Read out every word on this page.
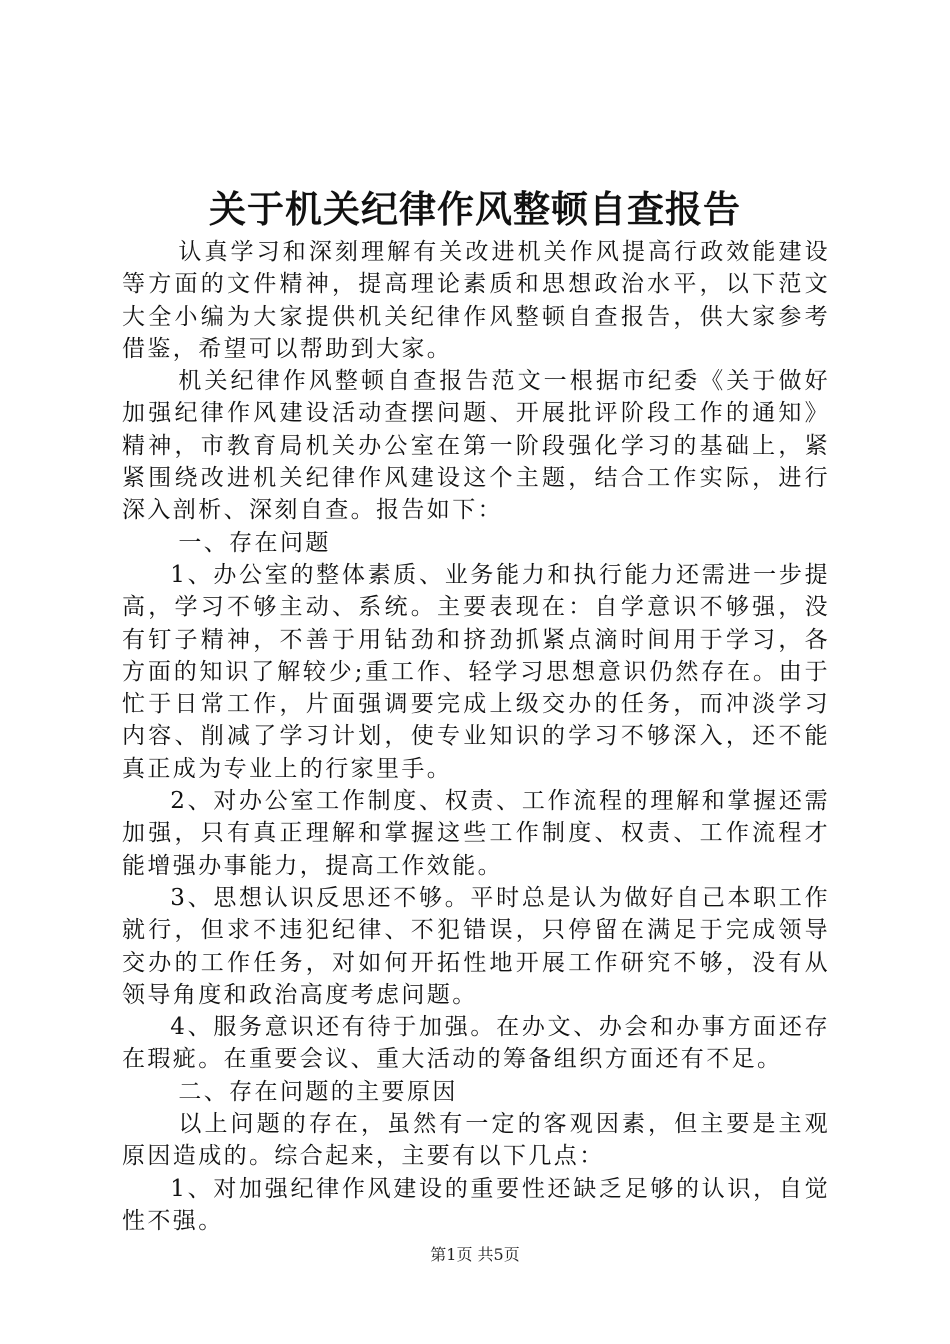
关于机关纪律作风整顿自查报告

认真学习和深刻理解有关改进机关作风提高行政效能建设等方面的文件精神，提高理论素质和思想政治水平，以下范文大全小编为大家提供机关纪律作风整顿自查报告，供大家参考借鉴，希望可以帮助到大家。

机关纪律作风整顿自查报告范文一根据市纪委《关于做好加强纪律作风建设活动查摆问题、开展批评阶段工作的通知》精神，市教育局机关办公室在第一阶段强化学习的基础上，紧紧围绕改进机关纪律作风建设这个主题，结合工作实际，进行深入剖析、深刻自查。报告如下：

一、存在问题

1、办公室的整体素质、业务能力和执行能力还需进一步提高，学习不够主动、系统。主要表现在：自学意识不够强，没有钉子精神，不善于用钻劲和挤劲抓紧点滴时间用于学习，各方面的知识了解较少;重工作、轻学习思想意识仍然存在。由于忙于日常工作，片面强调要完成上级交办的任务，而冲淡学习内容、削减了学习计划，使专业知识的学习不够深入，还不能真正成为专业上的行家里手。

2、对办公室工作制度、权责、工作流程的理解和掌握还需加强，只有真正理解和掌握这些工作制度、权责、工作流程才能增强办事能力，提高工作效能。

3、思想认识反思还不够。平时总是认为做好自己本职工作就行，但求不违犯纪律、不犯错误，只停留在满足于完成领导交办的工作任务，对如何开拓性地开展工作研究不够，没有从领导角度和政治高度考虑问题。

4、服务意识还有待于加强。在办文、办会和办事方面还存在瑕疵。在重要会议、重大活动的筹备组织方面还有不足。

二、存在问题的主要原因

以上问题的存在，虽然有一定的客观因素，但主要是主观原因造成的。综合起来，主要有以下几点：

1、对加强纪律作风建设的重要性还缺乏足够的认识，自觉性不强。

第1页 共5页
